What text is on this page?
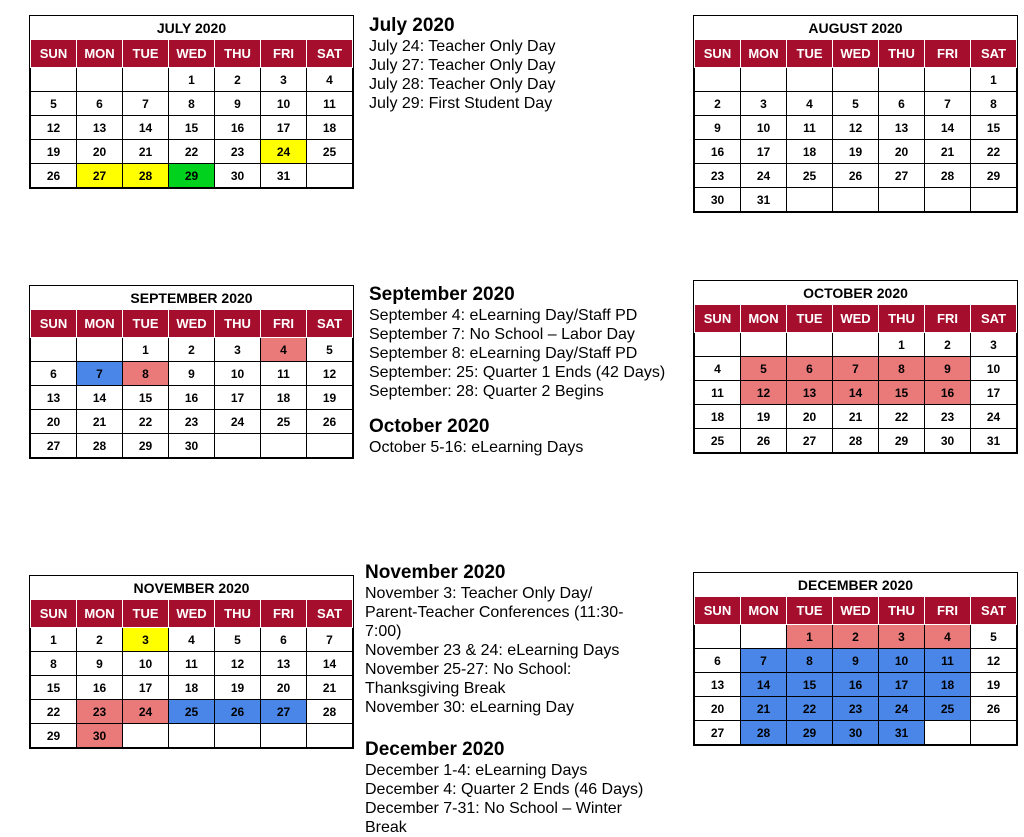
JULY 2020
SUN	MON	TUE	WED	THU	FRI	SAT
			1	2	3	4
5	6	7	8	9	10	11
12	13	14	15	16	17	18
19	20	21	22	23	24	25
26	27	28	29	30	31	
AUGUST 2020
SUN	MON	TUE	WED	THU	FRI	SAT
						1
2	3	4	5	6	7	8
9	10	11	12	13	14	15
16	17	18	19	20	21	22
23	24	25	26	27	28	29
30	31					
SEPTEMBER 2020
SUN	MON	TUE	WED	THU	FRI	SAT
		1	2	3	4	5
6	7	8	9	10	11	12
13	14	15	16	17	18	19
20	21	22	23	24	25	26
27	28	29	30			
OCTOBER 2020
SUN	MON	TUE	WED	THU	FRI	SAT
				1	2	3
4	5	6	7	8	9	10
11	12	13	14	15	16	17
18	19	20	21	22	23	24
25	26	27	28	29	30	31
NOVEMBER 2020
SUN	MON	TUE	WED	THU	FRI	SAT
1	2	3	4	5	6	7
8	9	10	11	12	13	14
15	16	17	18	19	20	21
22	23	24	25	26	27	28
29	30					
DECEMBER 2020
SUN	MON	TUE	WED	THU	FRI	SAT
		1	2	3	4	5
6	7	8	9	10	11	12
13	14	15	16	17	18	19
20	21	22	23	24	25	26
27	28	29	30	31		
July 2020
July 24: Teacher Only Day
July 27: Teacher Only Day
July 28: Teacher Only Day
July 29: First Student Day
September 2020
September 4: eLearning Day/Staff PD
September 7: No School – Labor Day
September 8: eLearning Day/Staff PD
September: 25: Quarter 1 Ends (42 Days)
September: 28: Quarter 2 Begins
October 2020
October 5-16: eLearning Days
November 2020
November 3: Teacher Only Day/
Parent-Teacher Conferences (11:30-
7:00)
November 23 & 24: eLearning Days
November 25-27: No School:
Thanksgiving Break
November 30: eLearning Day
December 2020
December 1-4: eLearning Days
December 4: Quarter 2 Ends (46 Days)
December 7-31: No School – Winter
Break
